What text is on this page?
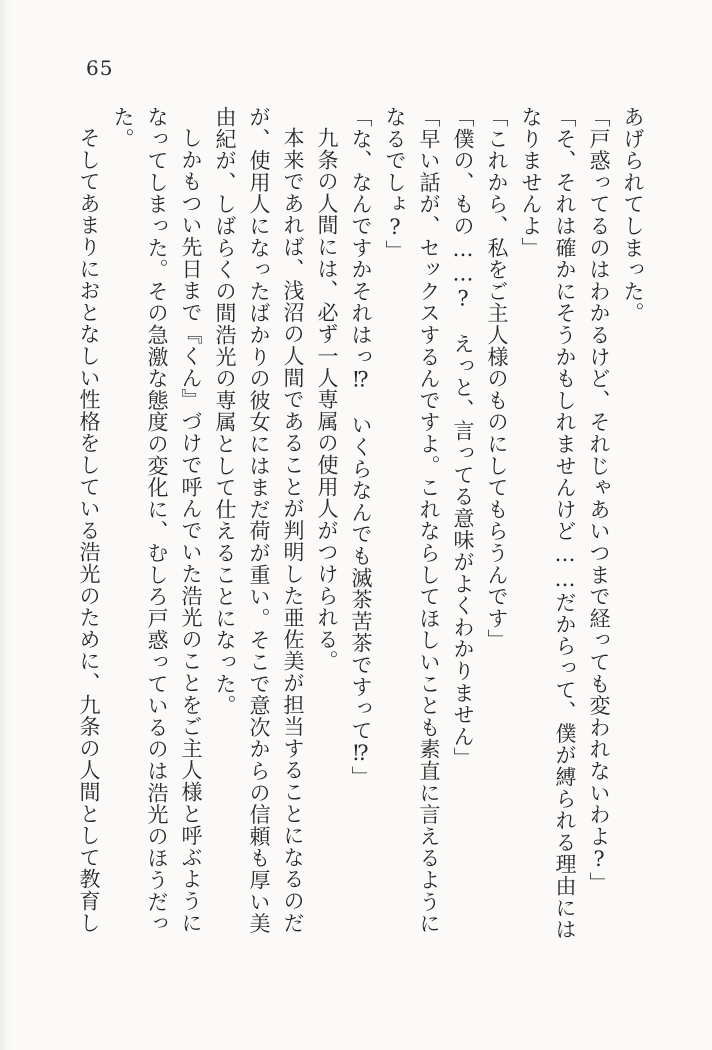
65

あげられてしまった。

「戸惑ってるのはわかるけど、それじゃあいつまで経っても変われないわよ?」

「そ、それは確かにそうかもしれませんけど……だからって、僕が縛られる理由には

なりませんよ」

「これから、私をご主人様のものにしてもらうんです」

「僕の、もの……?　えっと、言ってる意味がよくわかりません」

「早い話が、セックスするんですよ。これならしてほしいことも素直に言えるように

なるでしょ?」

「な、なんですかそれはっ⁉　いくらなんでも滅茶苦茶ですって⁉」

九条の人間には、必ず一人専属の使用人がつけられる。

本来であれば、浅沼の人間であることが判明した亜佐美が担当することになるのだ

が、使用人になったばかりの彼女にはまだ荷が重い。そこで意次からの信頼も厚い美

由紀が、しばらくの間浩光の専属として仕えることになった。

しかもつい先日まで『くん』づけで呼んでいた浩光のことをご主人様と呼ぶように

なってしまった。その急激な態度の変化に、むしろ戸惑っているのは浩光のほうだっ

た。

そしてあまりにおとなしい性格をしている浩光のために、九条の人間として教育し
